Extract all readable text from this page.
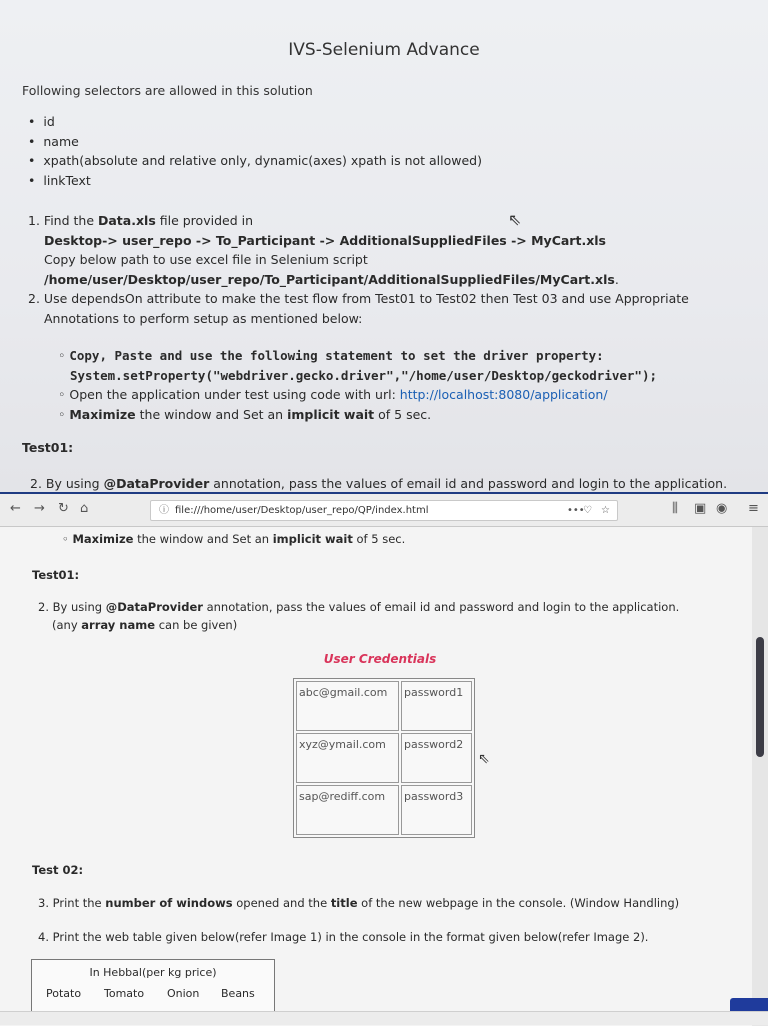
IVS-Selenium Advance
Following selectors are allowed in this solution
• id
• name
• xpath(absolute and relative only, dynamic(axes) xpath is not allowed)
• linkText
1. Find the Data.xls file provided in
Desktop-> user_repo -> To_Participant -> AdditionalSuppliedFiles -> MyCart.xls
Copy below path to use excel file in Selenium script
/home/user/Desktop/user_repo/To_Participant/AdditionalSuppliedFiles/MyCart.xls.
2. Use dependsOn attribute to make the test flow from Test01 to Test02 then Test 03 and use Appropriate
Annotations to perform setup as mentioned below:
◦ Copy, Paste and use the following statement to set the driver property:
System.setProperty("webdriver.gecko.driver","/home/user/Desktop/geckodriver");
◦ Open the application under test using code with url: http://localhost:8080/application/
◦ Maximize the window and Set an implicit wait of 5 sec.
Test01:
2. By using @DataProvider annotation, pass the values of email id and password and login to the application.
⇖
← → ↻ ⌂	ⓘ file:///home/user/Desktop/user_repo/QP/index.html	•••
♡ ☆	⫼ ▣ ◉ ≡
◦ Maximize the window and Set an implicit wait of 5 sec.
Test01:
2. By using @DataProvider annotation, pass the values of email id and password and login to the application.
(any array name can be given)
User Credentials
abc@gmail.com	password1
xyz@ymail.com	password2
sap@rediff.com	password3
⇖
Test 02:
3. Print the number of windows opened and the title of the new webpage in the console. (Window Handling)
4. Print the web table given below(refer Image 1) in the console in the format given below(refer Image 2).
In Hebbal(per kg price)
Potato Tomato Onion Beans
